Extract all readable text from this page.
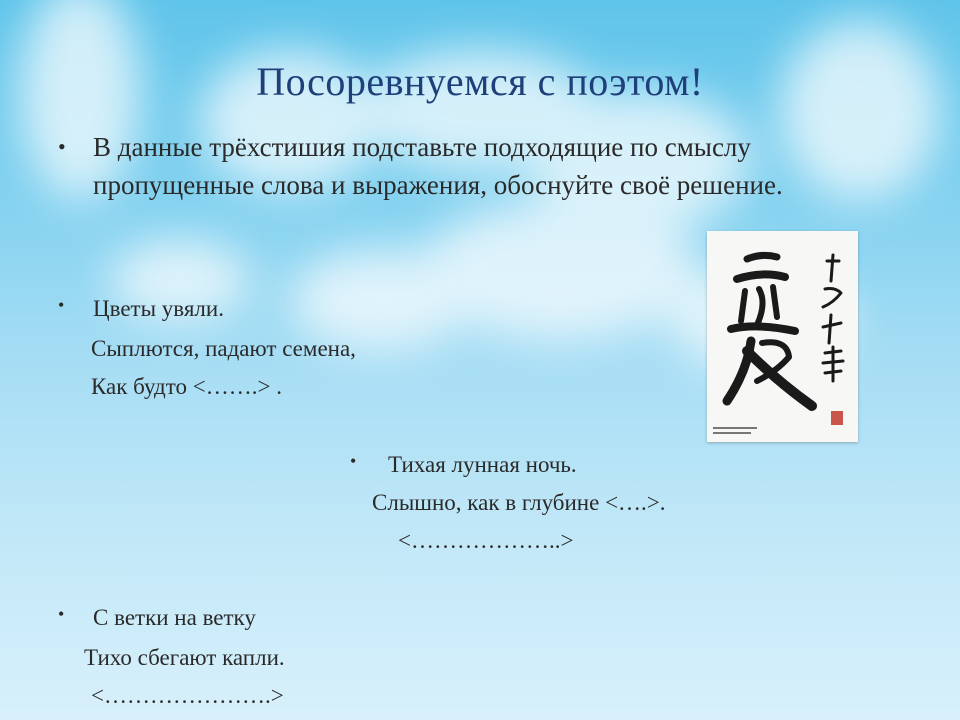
Посоревнуемся с поэтом!
• В данные трёхстишия подставьте подходящие по смыслу пропущенные слова и выражения, обоснуйте своё решение.
• Цветы увяли.
Сыплются, падают семена,
Как будто <…….> .
• Тихая лунная ночь.
Слышно, как в глубине <….>.
<………………..>
• С ветки на ветку
Тихо сбегают капли.
<………………….>
